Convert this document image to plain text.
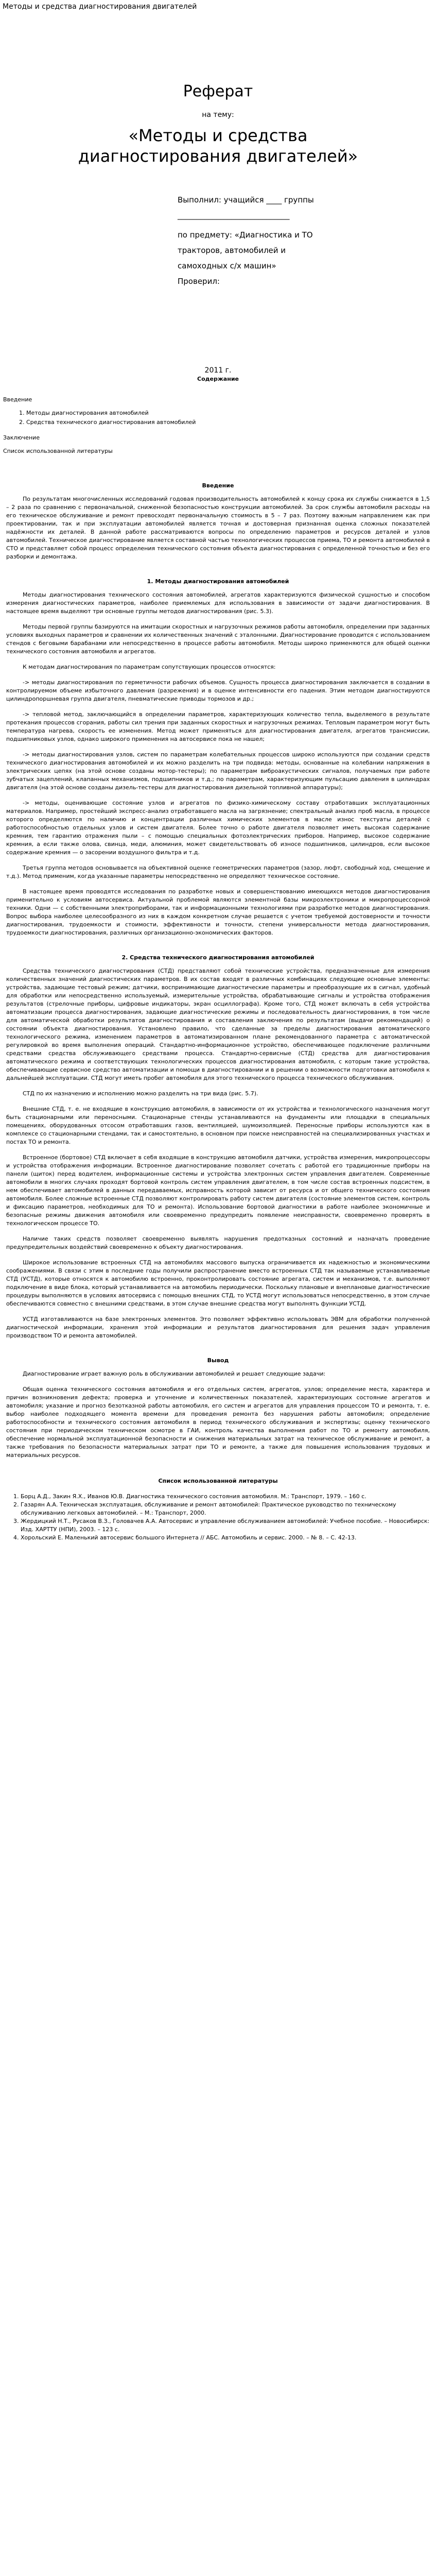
Методы и средства диагностирования двигателей
Реферат
на тему:
«Методы и средства
диагностирования двигателей»
Выполнил: учащийся ____ группы
_____________________________
по предмету: «Диагностика и ТО
тракторов, автомобилей и
самоходных с/х машин»
Проверил:
2011 г.
Содержание
Введение
1. Методы диагностирования автомобилей
2. Средства технического диагностирования автомобилей
Заключение
Список использованной литературы
Введение

По результатам многочисленных исследований годовая производительность автомобилей к концу срока их службы снижается в 1,5 – 2 раза по сравнению с первоначальной, сниженной безопасностью конструкции автомобилей. За срок службы автомобиля расходы на его техническое обслуживание и ремонт превосходят первоначальную стоимость в 5 – 7 раз. Поэтому важным направлением как при проектировании, так и при эксплуатации автомобилей является точная и достоверная признанная оценка сложных показателей надёжности их деталей. В данной работе рассматриваются вопросы по определению параметров и ресурсов деталей и узлов автомобилей. Техническое диагностирование является составной частью технологических процессов приема, ТО и ремонта автомобилей в СТО и представляет собой процесс определения технического состояния объекта диагностирования с определенной точностью и без его разборки и демонтажа.

1. Методы диагностирования автомобилей

Методы диагностирования технического состояния автомобилей, агрегатов характеризуются физической сущностью и способом измерения диагностических параметров, наиболее приемлемых для использования в зависимости от задачи диагностирования. В настоящее время выделяют три основные группы методов диагностирования (рис. 5.3).

Методы первой группы базируются на имитации скоростных и нагрузочных режимов работы автомобиля, определении при заданных условиях выходных параметров и сравнении их количественных значений с эталонными. Диагностирование проводится с использованием стендов с беговыми барабанами или непосредственно в процессе работы автомобиля. Методы широко применяются для общей оценки технического состояния автомобиля и агрегатов.

К методам диагностирования по параметрам сопутствующих процессов относятся:

-> методы диагностирования по герметичности рабочих объемов. Сущность процесса диагностирования заключается в создании в контролируемом объеме избыточного давления (разрежения) и в оценке интенсивности его падения. Этим методом диагностируются цилиндропоршневая группа двигателя, пневматические приводы тормозов и др.;

-> тепловой метод, заключающийся в определении параметров, характеризующих количество тепла, выделяемого в результате протекания процессов сгорания, работы сил трения при заданных скоростных и нагрузочных режимах. Тепловым параметром могут быть температура нагрева, скорость ее изменения. Метод может применяться для диагностирования двигателя, агрегатов трансмиссии, подшипниковых узлов, однако широкого применения на автосервисе пока не нашел;

-> методы диагностирования узлов, систем по параметрам колебательных процессов широко используются при создании средств технического диагностирования автомобилей и их можно разделить на три подвида: методы, основанные на колебании напряжения в электрических цепях (на этой основе созданы мотор-тестеры); по параметрам виброакустических сигналов, получаемых при работе зубчатых зацеплений, клапанных механизмов, подшипников и т.д.; по параметрам, характеризующим пульсацию давления в цилиндрах двигателя (на этой основе созданы дизель-тестеры для диагностирования дизельной топливной аппаратуры);

-> методы, оценивающие состояние узлов и агрегатов по физико-химическому составу отработавших эксплуатационных материалов. Например, простейший экспресс-анализ отработавшего масла на загрязнение; спектральный анализ проб масла, в процессе которого определяются по наличию и концентрации различных химических элементов в масле износ текстуаты деталей с работоспособностью отдельных узлов и систем двигателя. Более точно о работе двигателя позволяет иметь высокая содержание кремния, тем гарантию отражения пыли – с помощью специальных фотоэлектрических приборов. Например, высокое содержание кремния, а если также олова, свинца, меди, алюминия, может свидетельствовать об износе подшипников, цилиндров, если высокое содержание кремния — о засорении воздушного фильтра и т.д.

Третья группа методов основывается на объективной оценке геометрических параметров (зазор, люфт, свободный ход, смещение и т.д.). Метод применим, когда указанные параметры непосредственно не определяют техническое состояние.

В настоящее время проводятся исследования по разработке новых и совершенствованию имеющихся методов диагностирования применительно к условиям автосервиса. Актуальной проблемой являются элементной базы микроэлектроники и микропроцессорной техники. Одни — с собственными электроприборами, так и информационными технологиями при разработке методов диагностирования. Вопрос выбора наиболее целесообразного из них в каждом конкретном случае решается с учетом требуемой достоверности и точности диагностирования, трудоемкости и стоимости, эффективности и точности, степени универсальности метода диагностирования, трудоемкости диагностирования, различных организационно-экономических факторов.

2. Средства технического диагностирования автомобилей

Средства технического диагностирования (СТД) представляют собой технические устройства, предназначенные для измерения количественных значений диагностических параметров. В их состав входят в различных комбинациях следующие основные элементы: устройства, задающие тестовый режим; датчики, воспринимающие диагностические параметры и преобразующие их в сигнал, удобный для обработки или непосредственно используемый, измерительные устройства, обрабатывающие сигналы и устройства отображения результатов (стрелочные приборы, цифровые индикаторы, экран осциллографа). Кроме того, СТД может включать в себя устройства автоматизации процесса диагностирования, задающие диагностические режимы и последовательность диагностирования, в том числе для автоматической обработки результатов диагностирования и составления заключения по результатам (выдачи рекомендаций) о состоянии объекта диагностирования. Установлено правило, что сделанные за пределы диагностирования автоматического технологического режима, изменением параметров в автоматизированном плане рекомендованного параметра с автоматической регулировкой во время выполнения операций. Стандартно-информационное устройство, обеспечивающее подключение различными средствами средства обслуживающего средствами процесса. Стандартно-сервисные (СТД) средства для диагностирования автоматического режима и соответствующих технологических процессов диагностирования автомобиля, с которым такие устройства, обеспечивающие сервисное средство автоматизации и помощи в диагностировании и в решении о возможности подготовки автомобиля к дальнейшей эксплуатации. СТД могут иметь пробег автомобиля для этого технического процесса технического обслуживания.

СТД по их назначению и исполнению можно разделить на три вида (рис. 5.7).

Внешние СТД, т. е. не входящие в конструкцию автомобиля, в зависимости от их устройства и технологического назначения могут быть стационарными или переносными. Стационарные стенды устанавливаются на фундаменты или площадки в специальных помещениях, оборудованных отсосом отработавших газов, вентиляцией, шумоизоляцией. Переносные приборы используются как в комплексе со стационарными стендами, так и самостоятельно, в основном при поиске неисправностей на специализированных участках и постах ТО и ремонта.

Встроенное (бортовое) СТД включает в себя входящие в конструкцию автомобиля датчики, устройства измерения, микропроцессоры и устройства отображения информации. Встроенное диагностирование позволяет сочетать с работой его традиционные приборы на панели (щиток) перед водителем, информационные системы и устройства электронных систем управления двигателем. Современные автомобили в многих случаях проходят бортовой контроль систем управления двигателем, в том числе состав встроенных подсистем, в нем обеспечивает автомобилей в данных передаваемых, исправность которой зависит от ресурса и от общего технического состояния автомобиля. Более сложные встроенные СТД позволяют контролировать работу систем двигателя (состояние элементов систем, контроль и фиксацию параметров, необходимых для ТО и ремонта). Использование бортовой диагностики в работе наиболее экономичные и безопасные режимы движения автомобиля или своевременно предупредить появление неисправности, своевременно проверять в технологическом процессе ТО.

Наличие таких средств позволяет своевременно выявлять нарушения предотказных состояний и назначать проведение предупредительных воздействий своевременно к объекту диагностирования.

Широкое использование встроенных СТД на автомобилях массового выпуска ограничивается их надежностью и экономическими соображениями. В связи с этим в последние годы получили распространение вместо встроенных СТД так называемые устанавливаемые СТД (УСТД), которые относятся к автомобилю встроенно, проконтролировать состояние агрегата, систем и механизмов, т.е. выполняют подключение в виде блока, который устанавливается на автомобиль периодически. Поскольку плановые и внеплановые диагностические процедуры выполняются в условиях автосервиса с помощью внешних СТД, то УСТД могут использоваться непосредственно, в этом случае обеспечиваются совместно с внешними средствами, в этом случае внешние средства могут выполнять функции УСТД.

УСТД изготавливаются на базе электронных элементов. Это позволяет эффективно использовать ЭВМ для обработки полученной диагностической информации, хранения этой информации и результатов диагностирования для решения задач управления производством ТО и ремонта автомобилей.

Вывод

Диагностирование играет важную роль в обслуживании автомобилей и решает следующие задачи:

Общая оценка технического состояния автомобиля и его отдельных систем, агрегатов, узлов; определение места, характера и причин возникновения дефекта; проверка и уточнение и количественных показателей, характеризующих состояние агрегатов и автомобиля; указание и прогноз безотказной работы автомобиля, его систем и агрегатов для управления процессом ТО и ремонта, т. е. выбор наиболее подходящего момента времени для проведения ремонта без нарушения работы автомобиля; определение работоспособности и технического состояния автомобиля в период технического обслуживания и экспертизы; оценку технического состояния при периодическом техническом осмотре в ГАИ, контроль качества выполнения работ по ТО и ремонту автомобиля, обеспечение нормальной эксплуатационной безопасности и снижения материальных затрат на техническое обслуживание и ремонт, а также требования по безопасности материальных затрат при ТО и ремонте, а также для повышения использования трудовых и материальных ресурсов.

Список использованной литературы
1. Борц А.Д., Закин Я.Х., Иванов Ю.В. Диагностика технического состояния автомобиля. М.: Транспорт, 1979. – 160 с.
2. Газарян А.А. Техническая эксплуатация, обслуживание и ремонт автомобилей: Практическое руководство по техническому обслуживанию легковых автомобилей. – М.: Транспорт, 2000.
3. Жердицкий Н.Т., Русаков В.З., Головачев А.А. Автосервис и управление обслуживанием автомобилей: Учебное пособие. – Новосибирск: Изд. ХАРТТУ (НПИ), 2003. – 123 с.
4. Хорольский Е. Маленький автосервис большого Интернета // АБС. Автомобиль и сервис. 2000. – № 8. – С. 42-13.
